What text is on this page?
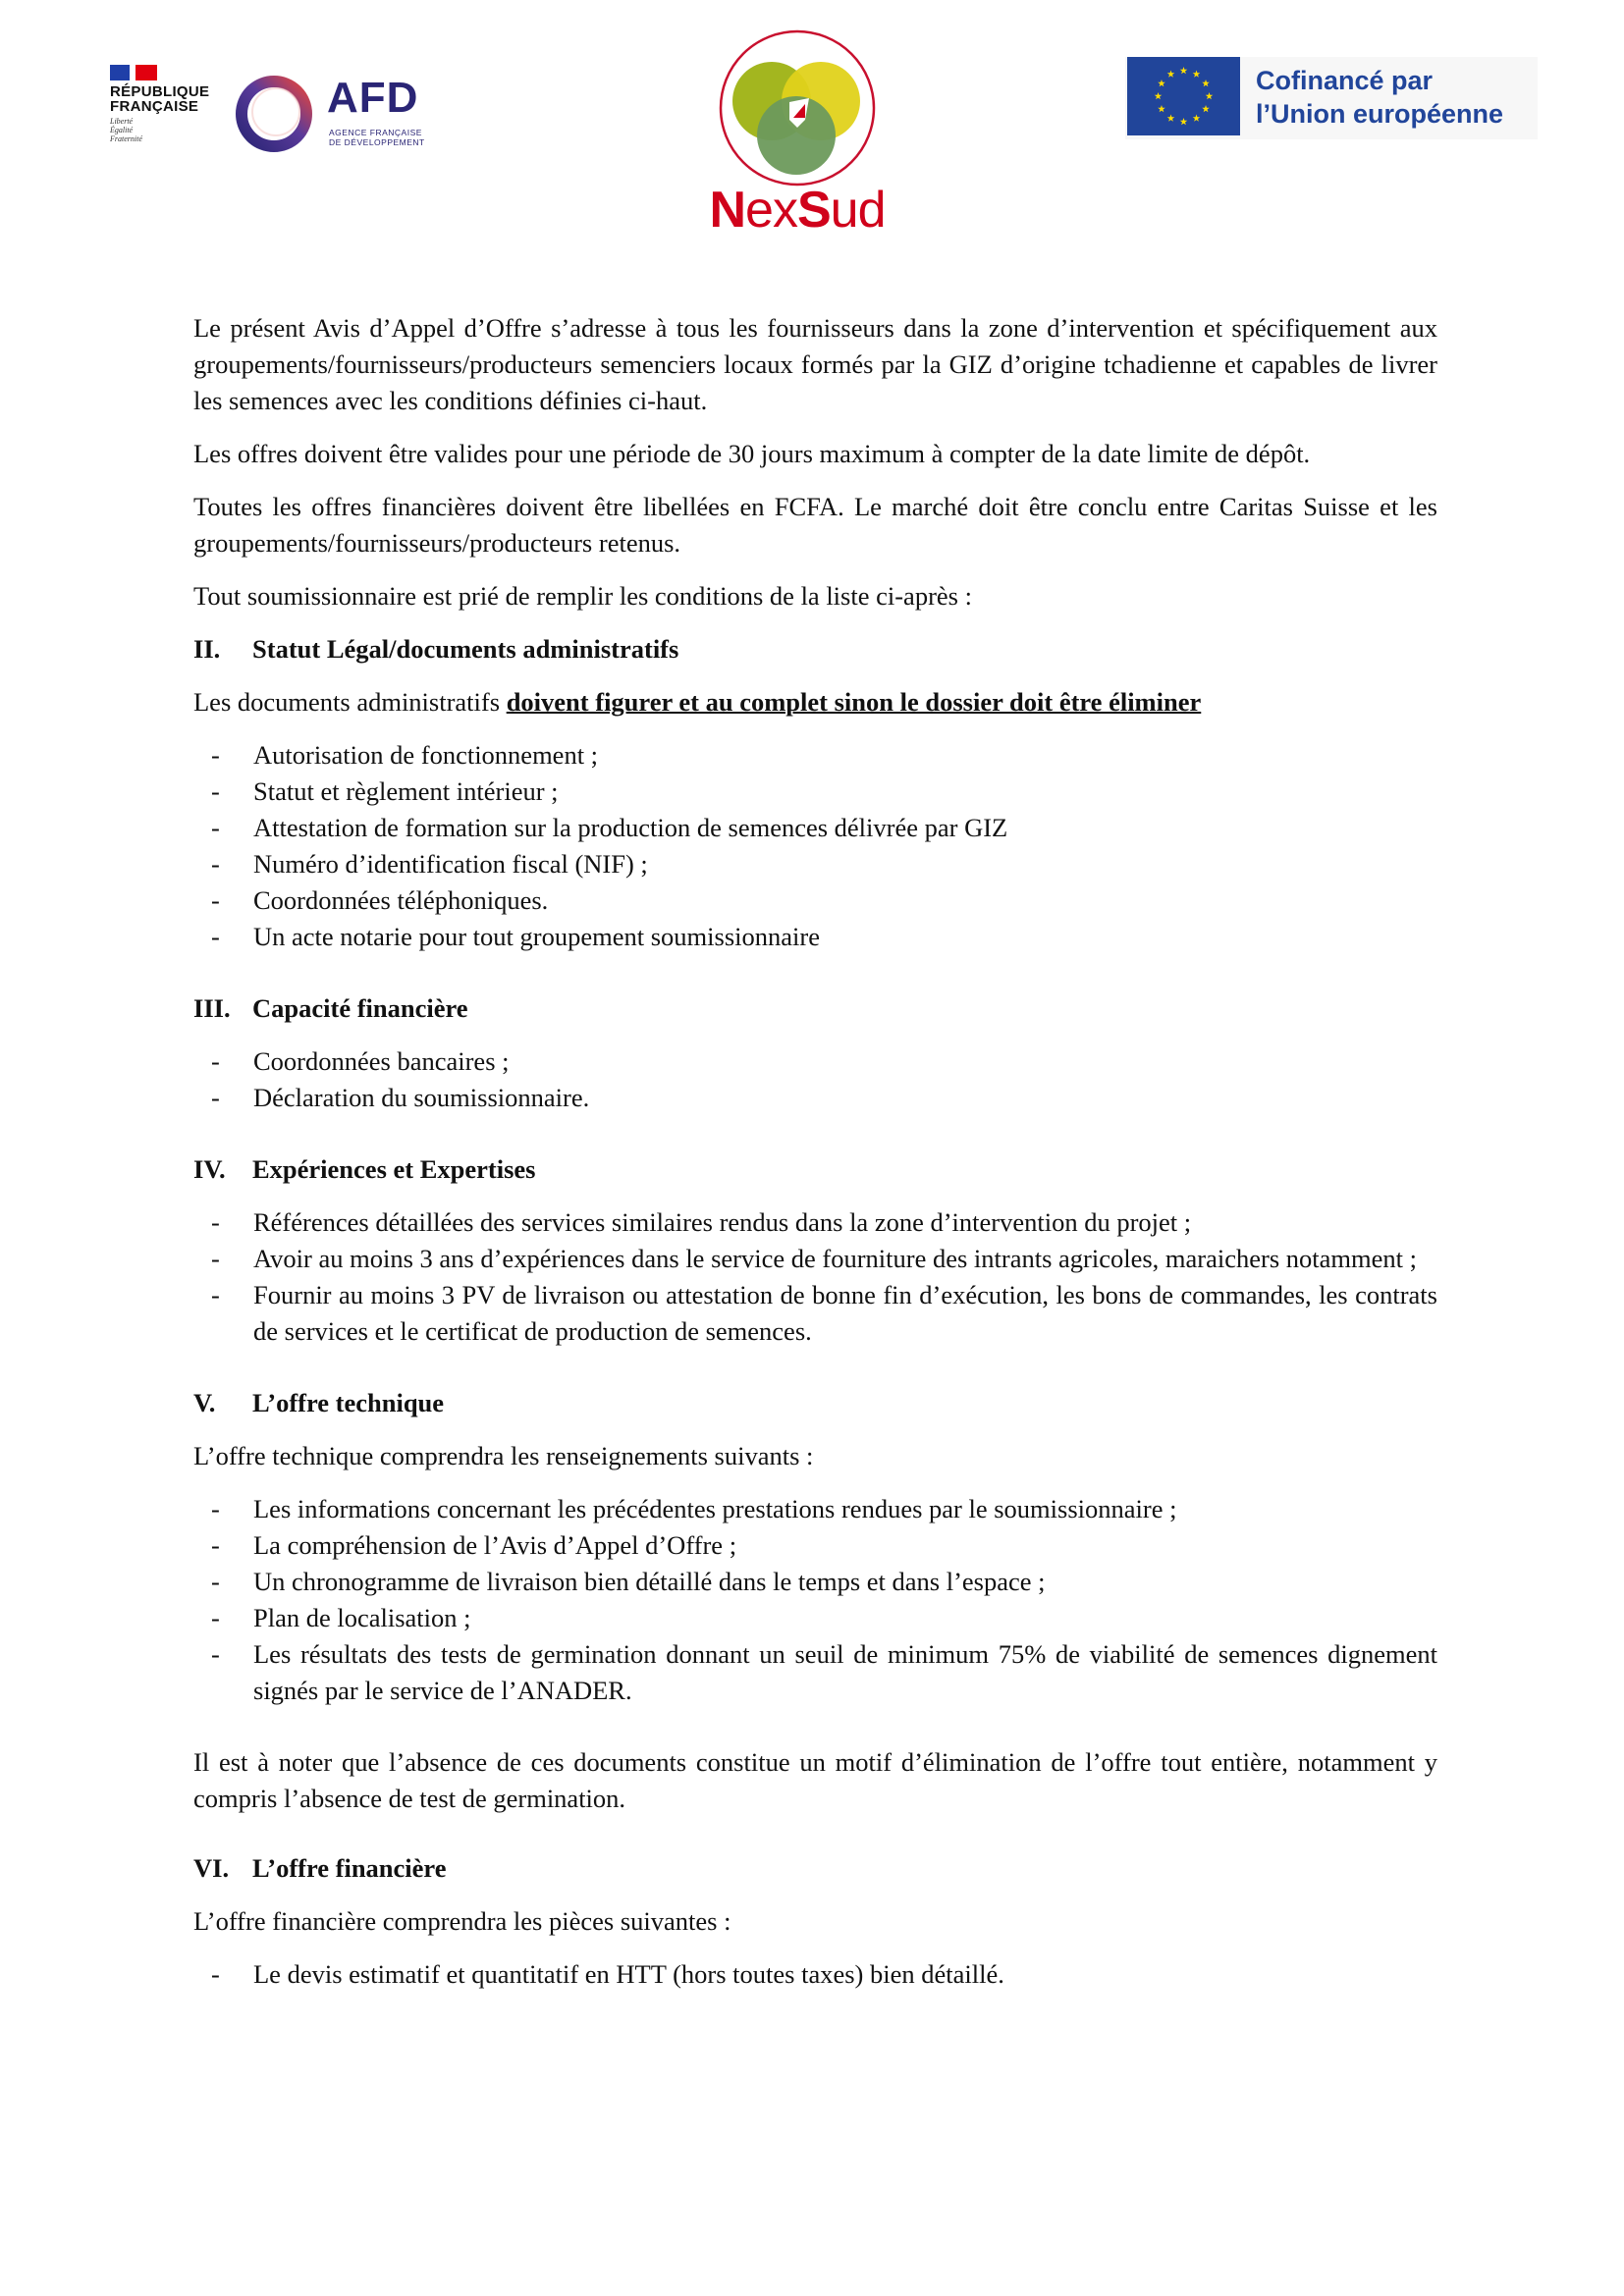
RÉPUBLIQUE
FRANÇAISE
Liberté
Égalité
Fraternité
AFD
AGENCE FRANÇAISE
DE DÉVELOPPEMENT
NexSud
Cofinancé par
l’Union européenne

Le présent Avis d’Appel d’Offre s’adresse à tous les fournisseurs dans la zone d’intervention et spécifiquement aux groupements/fournisseurs/producteurs semenciers locaux formés par la GIZ d’origine tchadienne et capables de livrer les semences avec les conditions définies ci-haut.

Les offres doivent être valides pour une période de 30 jours maximum à compter de la date limite de dépôt.

Toutes les offres financières doivent être libellées en FCFA. Le marché doit être conclu entre Caritas Suisse et les groupements/fournisseurs/producteurs retenus.

Tout soumissionnaire est prié de remplir les conditions de la liste ci-après :

II.	Statut Légal/documents administratifs

Les documents administratifs doivent figurer et au complet sinon le dossier doit être éliminer

- Autorisation de fonctionnement ;
- Statut et règlement intérieur ;
- Attestation de formation sur la production de semences délivrée par GIZ
- Numéro d’identification fiscal (NIF) ;
- Coordonnées téléphoniques.
- Un acte notarie pour tout groupement soumissionnaire
III. Capacité financière
- Coordonnées bancaires ;
- Déclaration du soumissionnaire.
IV.	Expériences et Expertises
- Références détaillées des services similaires rendus dans la zone d’intervention du projet ;
- Avoir au moins 3 ans d’expériences dans le service de fourniture des intrants agricoles, maraichers notamment ;
- Fournir au moins 3 PV de livraison ou attestation de bonne fin d’exécution, les bons de commandes, les contrats de services et le certificat de production de semences.
V.	L’offre technique

L’offre technique comprendra les renseignements suivants :

- Les informations concernant les précédentes prestations rendues par le soumissionnaire ;
- La compréhension de l’Avis d’Appel d’Offre ;
- Un chronogramme de livraison bien détaillé dans le temps et dans l’espace ;
- Plan de localisation ;
- Les résultats des tests de germination donnant un seuil de minimum 75% de viabilité de semences dignement signés par le service de l’ANADER.

Il est à noter que l’absence de ces documents constitue un motif d’élimination de l’offre tout entière, notamment y compris l’absence de test de germination.

VI. L’offre financière

L’offre financière comprendra les pièces suivantes :

- Le devis estimatif et quantitatif en HTT (hors toutes taxes) bien détaillé.
